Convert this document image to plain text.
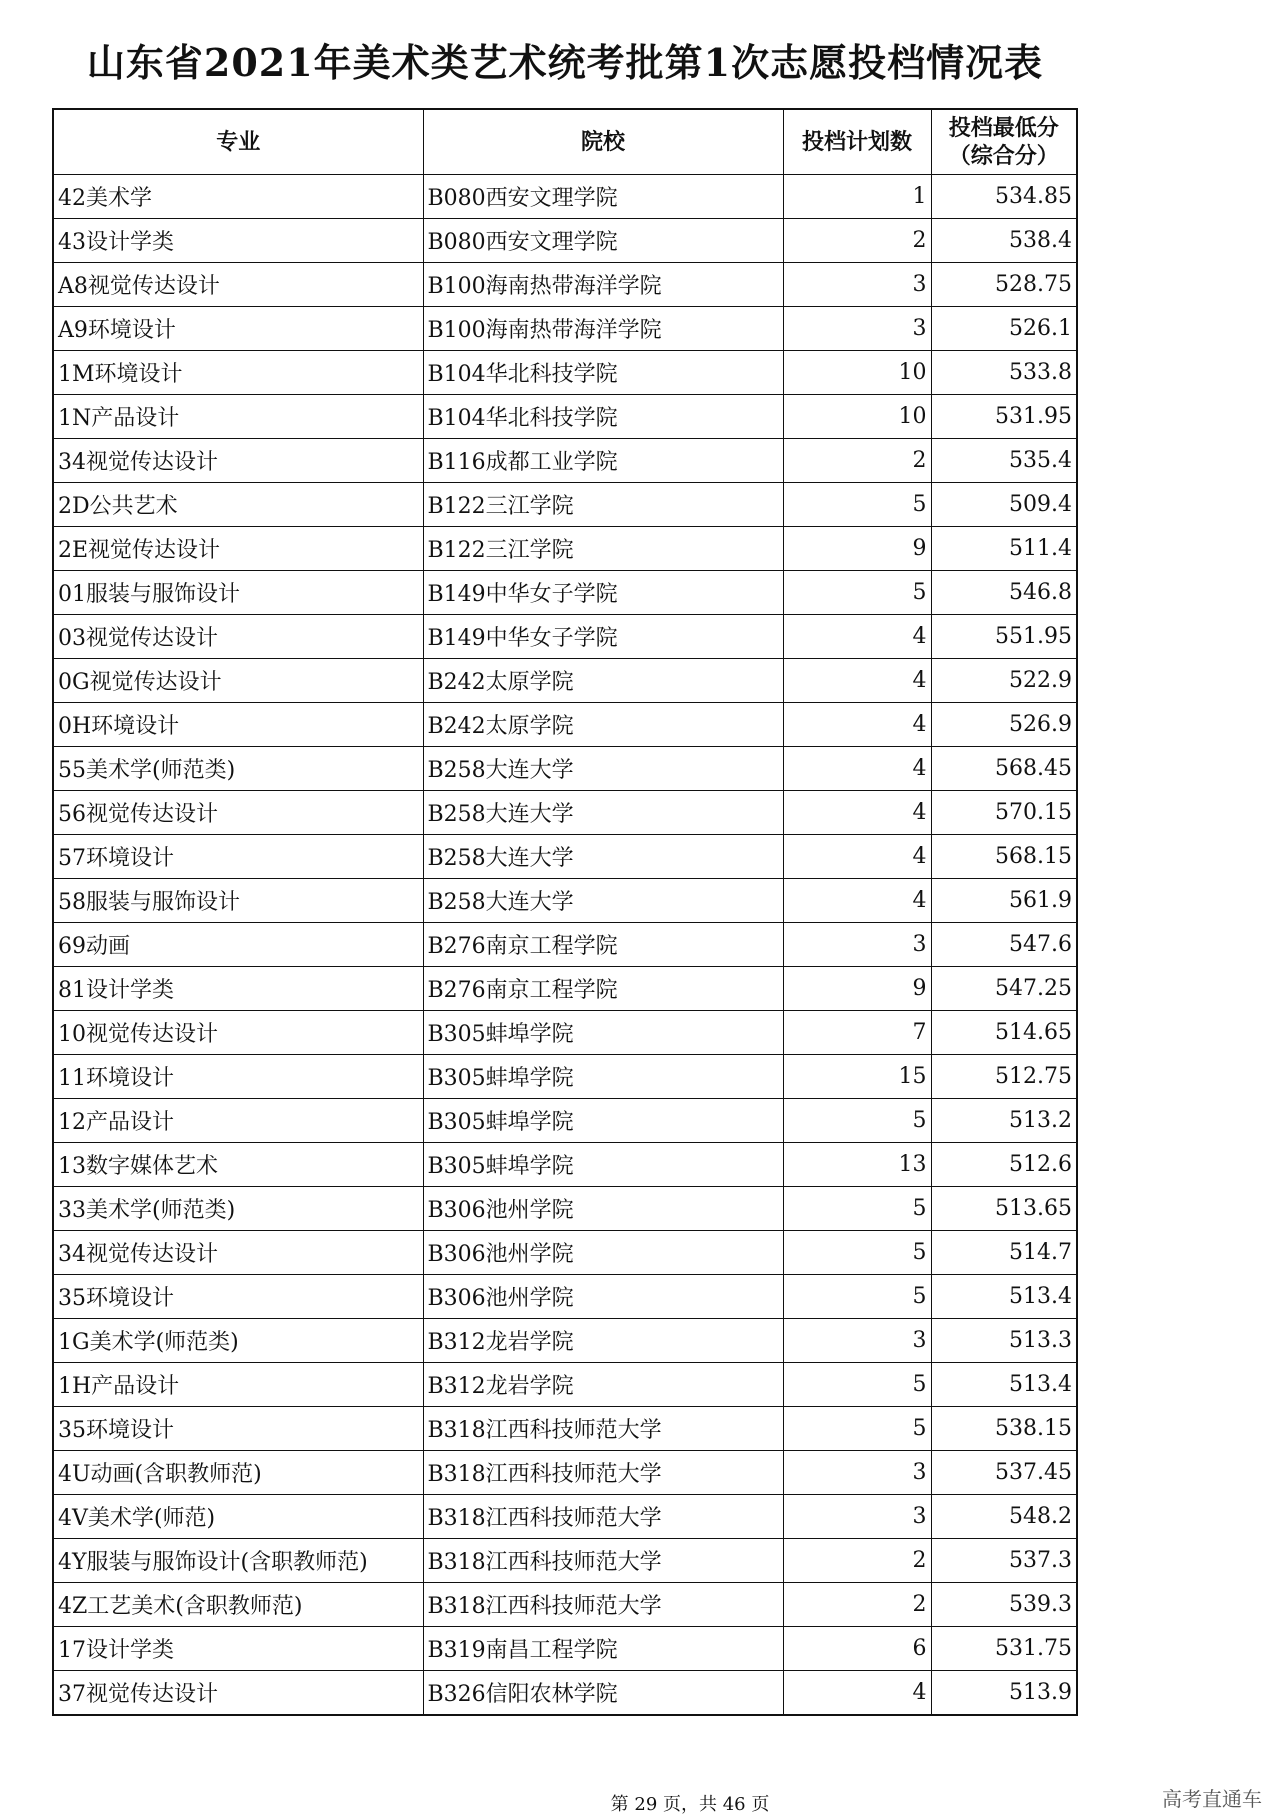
山东省2021年美术类艺术统考批第1次志愿投档情况表
专业	院校	投档计划数	投档最低分
（综合分）

42美术学	B080西安文理学院	1	534.85
43设计学类	B080西安文理学院	2	538.4
A8视觉传达设计	B100海南热带海洋学院	3	528.75
A9环境设计	B100海南热带海洋学院	3	526.1
1M环境设计	B104华北科技学院	10	533.8
1N产品设计	B104华北科技学院	10	531.95
34视觉传达设计	B116成都工业学院	2	535.4
2D公共艺术	B122三江学院	5	509.4
2E视觉传达设计	B122三江学院	9	511.4
01服装与服饰设计	B149中华女子学院	5	546.8
03视觉传达设计	B149中华女子学院	4	551.95
0G视觉传达设计	B242太原学院	4	522.9
0H环境设计	B242太原学院	4	526.9
55美术学(师范类)	B258大连大学	4	568.45
56视觉传达设计	B258大连大学	4	570.15
57环境设计	B258大连大学	4	568.15
58服装与服饰设计	B258大连大学	4	561.9
69动画	B276南京工程学院	3	547.6
81设计学类	B276南京工程学院	9	547.25
10视觉传达设计	B305蚌埠学院	7	514.65
11环境设计	B305蚌埠学院	15	512.75
12产品设计	B305蚌埠学院	5	513.2
13数字媒体艺术	B305蚌埠学院	13	512.6
33美术学(师范类)	B306池州学院	5	513.65
34视觉传达设计	B306池州学院	5	514.7
35环境设计	B306池州学院	5	513.4
1G美术学(师范类)	B312龙岩学院	3	513.3
1H产品设计	B312龙岩学院	5	513.4
35环境设计	B318江西科技师范大学	5	538.15
4U动画(含职教师范)	B318江西科技师范大学	3	537.45
4V美术学(师范)	B318江西科技师范大学	3	548.2
4Y服装与服饰设计(含职教师范)	B318江西科技师范大学	2	537.3
4Z工艺美术(含职教师范)	B318江西科技师范大学	2	539.3
17设计学类	B319南昌工程学院	6	531.75
37视觉传达设计	B326信阳农林学院	4	513.9
第 29 页，共 46 页	高考直通车
